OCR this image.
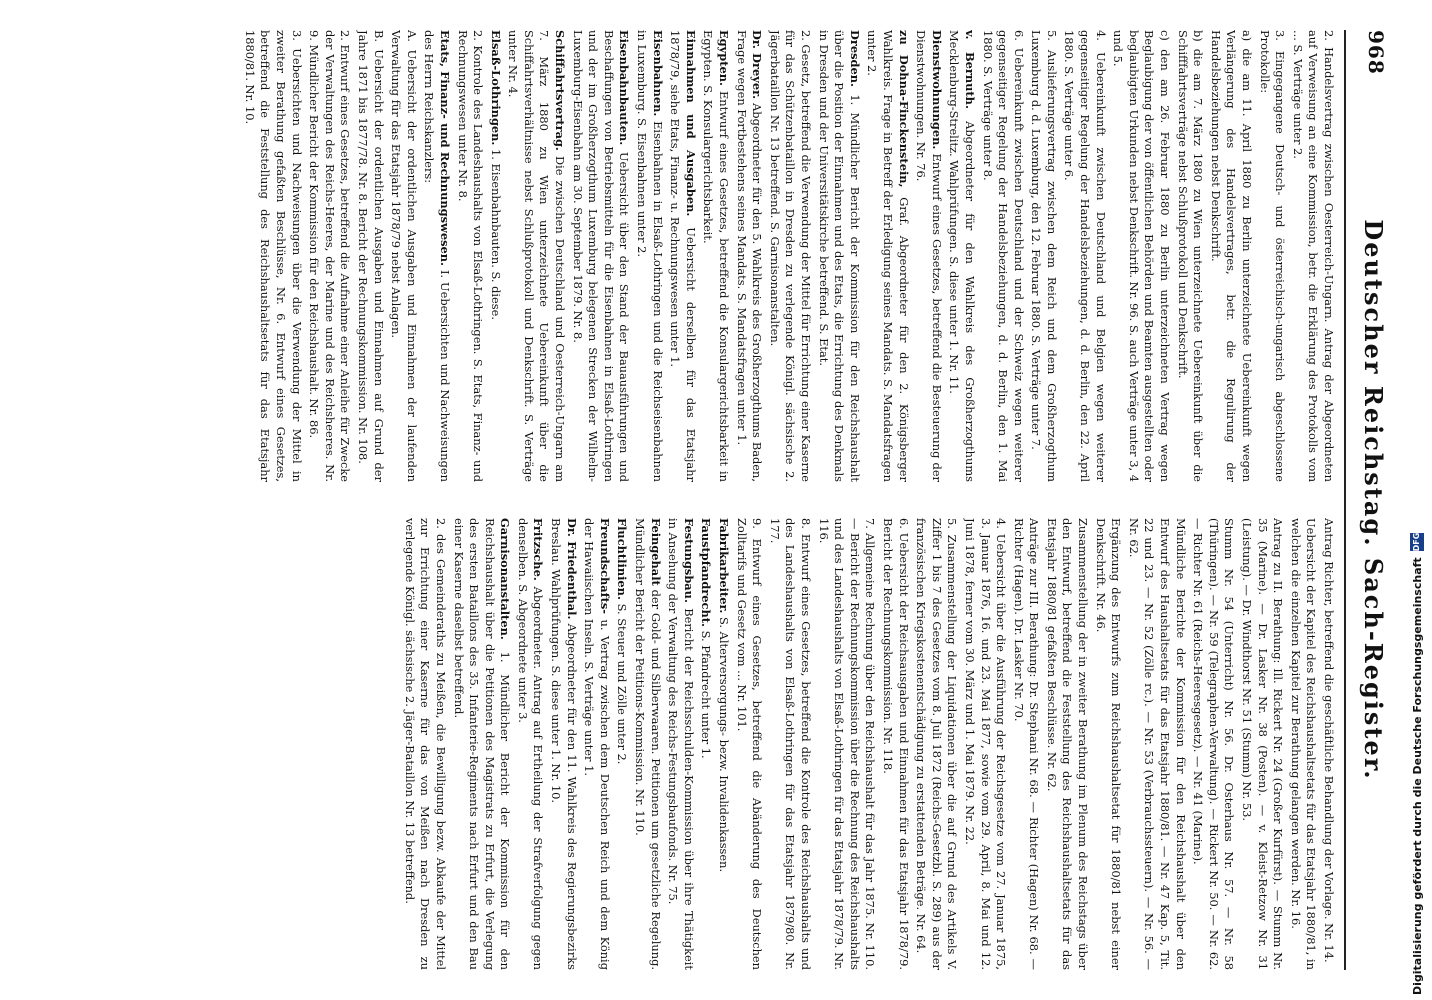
968
Deutscher Reichstag. Sach-Register.

2. Handelsvertrag zwischen Oesterreich-Ungarn. Antrag der Abgeordneten auf Verweisung an eine Kommission, betr. die Erklärung des Protokolls vom ... S. Verträge unter 2.

3. Eingegangene Deutsch- und österreichisch-ungarisch abgeschlossene Protokolle:

a) die am 11. April 1880 zu Berlin unterzeichnete Uebereinkunft wegen Verlängerung des Handelsvertrages, betr. die Regulirung der Handelsbeziehungen nebst Denkschrift.

b) die am 7. März 1880 zu Wien unterzeichnete Uebereinkunft über die Schifffahrtsverträge nebst Schlußprotokoll und Denkschrift.

c) den am 26. Februar 1880 zu Berlin unterzeichneten Vertrag wegen Beglaubigung der von öffentlichen Behörden und Beamten ausgestellten oder beglaubigten Urkunden nebst Denkschrift. Nr. 96. S. auch Verträge unter 3, 4 und 5.

4. Uebereinkunft zwischen Deutschland und Belgien wegen weiterer gegenseitiger Regelung der Handelsbeziehungen, d. d. Berlin, den 22. April 1880. S. Verträge unter 6.

5. Auslieferungsvertrag zwischen dem Reich und dem Großherzogthum Luxemburg d. d. Luxemburg, den 12. Februar 1880. S. Verträge unter 7.

6. Uebereinkunft zwischen Deutschland und der Schweiz wegen weiterer gegenseitiger Regelung der Handelsbeziehungen, d. d. Berlin, den 1. Mai 1880. S. Verträge unter 8.

v. Bernuth. Abgeordneter für den Wahlkreis des Großherzogthums Mecklenburg-Strelitz. Wahlprüfungen. S. diese unter 1. Nr. 11.

Dienstwohnungen. Entwurf eines Gesetzes, betreffend die Besteuerung der Dienstwohnungen. Nr. 76.

zu Dohna-Finckenstein, Graf. Abgeordneter für den 2. Königsberger Wahlkreis. Frage in Betreff der Erledigung seines Mandats. S. Mandatsfragen unter 2.

Dresden. 1. Mündlicher Bericht der Kommission für den Reichshaushalt über die Position der Einnahmen und des Etats, die Errichtung des Denkmals in Dresden und der Universitätskirche betreffend. S. Etat.

2. Gesetz, betreffend die Verwendung der Mittel für Errichtung einer Kaserne für das Schützenbataillon in Dresden zu verlegende Königl. sächsische 2. Jägerbataillon Nr. 13 betreffend. S. Garnisonanstalten.

Dr. Dreyer. Abgeordneter für den 5. Wahlkreis des Großherzogthums Baden, Frage wegen Fortbestehens seines Mandats. S. Mandatsfragen unter 1.

Egypten. Entwurf eines Gesetzes, betreffend die Konsulargerichtsbarkeit in Egypten. S. Konsulargerichtsbarkeit.

Einnahmen und Ausgaben. Uebersicht derselben für das Etatsjahr 1878/79, siehe Etats, Finanz- u. Rechnungswesen unter 1.

Eisenbahnen. Eisenbahnen in Elsaß-Lothringen und die Reichseisenbahnen in Luxemburg. S. Eisenbahnen unter 2.

Eisenbahnbauten. Uebersicht über den Stand der Bauausführungen und Beschaffungen von Betriebsmitteln für die Eisenbahnen in Elsaß-Lothringen und der im Großherzogthum Luxemburg belegenen Strecken der Wilhelm-Luxemburg-Eisenbahn am 30. September 1879. Nr. 8.

Schiffahrtsvertrag. Die zwischen Deutschland und Oesterreich-Ungarn am 7. März 1880 zu Wien unterzeichnete Uebereinkunft über die Schiffahrtsverhältnisse nebst Schlußprotokoll und Denkschrift. S. Verträge unter Nr. 4.

Elsaß-Lothringen. 1. Eisenbahnbauten. S. diese.

2. Kontrole des Landeshaushalts von Elsaß-Lothringen. S. Etats, Finanz- und Rechnungswesen unter Nr. 8.

Etats, Finanz- und Rechnungswesen. I. Uebersichten und Nachweisungen des Herrn Reichskanzlers:

A. Uebersicht der ordentlichen Ausgaben und Einnahmen der laufenden Verwaltung für das Etatsjahr 1878/79 nebst Anlagen.

B. Uebersicht der ordentlichen Ausgaben und Einnahmen auf Grund der Jahre 1871 bis 1877/78. Nr. 8. Bericht der Rechnungskommission. Nr. 108.

2. Entwurf eines Gesetzes, betreffend die Aufnahme einer Anleihe für Zwecke der Verwaltungen des Reichs-Heeres, der Marine und des Reichsheeres. Nr. 9. Mündlicher Bericht der Kommission für den Reichshaushalt. Nr. 86.

3. Uebersichten und Nachweisungen über die Verwendung der Mittel in zweiter Berathung gefaßten Beschlüsse, Nr. 6. Entwurf eines Gesetzes, betreffend die Feststellung des Reichshaushaltsetats für das Etatsjahr 1880/81. Nr. 10.

Antrag Richter, betreffend die geschäftliche Behandlung der Vorlage. Nr. 14.

Uebersicht der Kapitel des Reichshaushaltsetats für das Etatsjahr 1880/81, in welchen die einzelnen Kapitel zur Berathung gelangen werden. Nr. 16.

Antrag zu II. Berathung: Ill. Rickert Nr. 24 (Großer Kurfürst). — Stumm Nr. 35 (Marine). — Dr. Lasker Nr. 38 (Posten). — v. Kleist-Retzow Nr. 31 (Leistung). — Dr. Windthorst Nr. 51 (Stumm) Nr. 53.

Stumm Nr. 54 (Unterricht) Nr. 56. Dr. Osterhaus Nr. 57. — Nr. 58 (Thüringen). — Nr. 59 (Telegraphen-Verwaltung). — Rickert Nr. 50. — Nr. 62. — Richter Nr. 61 (Reichs-Heeresgesetz). — Nr. 41 (Marine).

Mündliche Berichte der Kommission für den Reichshaushalt über den Entwurf des Haushaltsetats für das Etatsjahr 1880/81. — Nr. 47 Kap. 5, Tit. 22 und 23. — Nr. 52 (Zölle rc.). — Nr. 53 (Verbrauchssteuern). — Nr. 56. — Nr. 62.

Ergänzung des Entwurfs zum Reichshaushaltsetat für 1880/81 nebst einer Denkschrift. Nr. 46.

Zusammenstellung der in zweiter Berathung im Plenum des Reichstags über den Entwurf, betreffend die Feststellung des Reichshaushaltsetats für das Etatsjahr 1880/81 gefaßten Beschlüsse. Nr. 62.

Anträge zur III. Berathung: Dr. Stephani Nr. 68. — Richter (Hagen) Nr. 68. — Richter (Hagen). Dr. Lasker Nr. 70.

4. Uebersicht über die Ausführung der Reichsgesetze vom 27. Januar 1875, 3. Januar 1876, 16. und 23. Mai 1877, sowie vom 29. April, 8. Mai und 12. Juni 1878, ferner vom 30. März und 1. Mai 1879. Nr. 22.

5. Zusammenstellung der Liquidationen über die auf Grund des Artikels V. Ziffer 1 bis 7 des Gesetzes vom 8. Juli 1872 (Reichs-Gesetzbl. S. 289) aus der französischen Kriegskostenentschädigung zu erstattenden Beträge. Nr. 64.

6. Uebersicht der Reichsausgaben und Einnahmen für das Etatsjahr 1878/79. Bericht der Rechnungskommission. Nr. 118.

7. Allgemeine Rechnung über den Reichshaushalt für das Jahr 1875. Nr. 110. — Bericht der Rechnungskommission über die Rechnung des Reichshaushalts und des Landeshaushalts von Elsaß-Lothringen für das Etatsjahr 1878/79. Nr. 116.

8. Entwurf eines Gesetzes, betreffend die Kontrole des Reichshaushalts und des Landeshaushalts von Elsaß-Lothringen für das Etatsjahr 1879/80. Nr. 177.

9. Entwurf eines Gesetzes, betreffend die Abänderung des Deutschen Zolltarifs und Gesetz vom ... Nr. 101.

Fabrikarbeiter. S. Alterversorgungs- bezw. Invalidenkassen.

Faustpfandrecht. S. Pfandrecht unter 1.

Festungsbau. Bericht der Reichsschulden-Kommission über ihre Thätigkeit in Ansehung der Verwaltung des Reichs-Festungsbaufonds. Nr. 75.

Feingehalt der Gold- und Silberwaaren. Petitionen um gesetzliche Regelung. Mündlicher Bericht der Petitions-Kommission. Nr. 110.

Fluchtlinien. S. Steuer und Zölle unter 2.

Freundschafts- u. Vertrag zwischen dem Deutschen Reich und dem König der Hawaiischen Inseln. S. Verträge unter 1.

Dr. Friedenthal. Abgeordneter für den 11. Wahlkreis des Regierungsbezirks Breslau. Wahlprüfungen. S. diese unter 1. Nr. 10.

Fritzsche. Abgeordneter. Antrag auf Ertheilung der Strafverfolgung gegen denselben. S. Abgeordnete unter 3.

Garnisonanstalten. 1. Mündlicher Bericht der Kommission für den Reichshaushalt über die Petitionen des Magistrats zu Erfurt, die Verlegung des ersten Bataillons des 35. Infanterie-Regiments nach Erfurt und den Bau einer Kaserne daselbst betreffend.

2. des Gemeinderaths zu Meißen, die Bewilligung bezw. Abkaufe der Mittel zur Errichtung einer Kaserne für das von Meißen nach Dresden zu verlegende Königl. sächsische 2. Jäger-Bataillon Nr. 13 betreffend.	Digitalisierung gefördert durch die Deutsche Forschungsgemeinschaft
DFG
